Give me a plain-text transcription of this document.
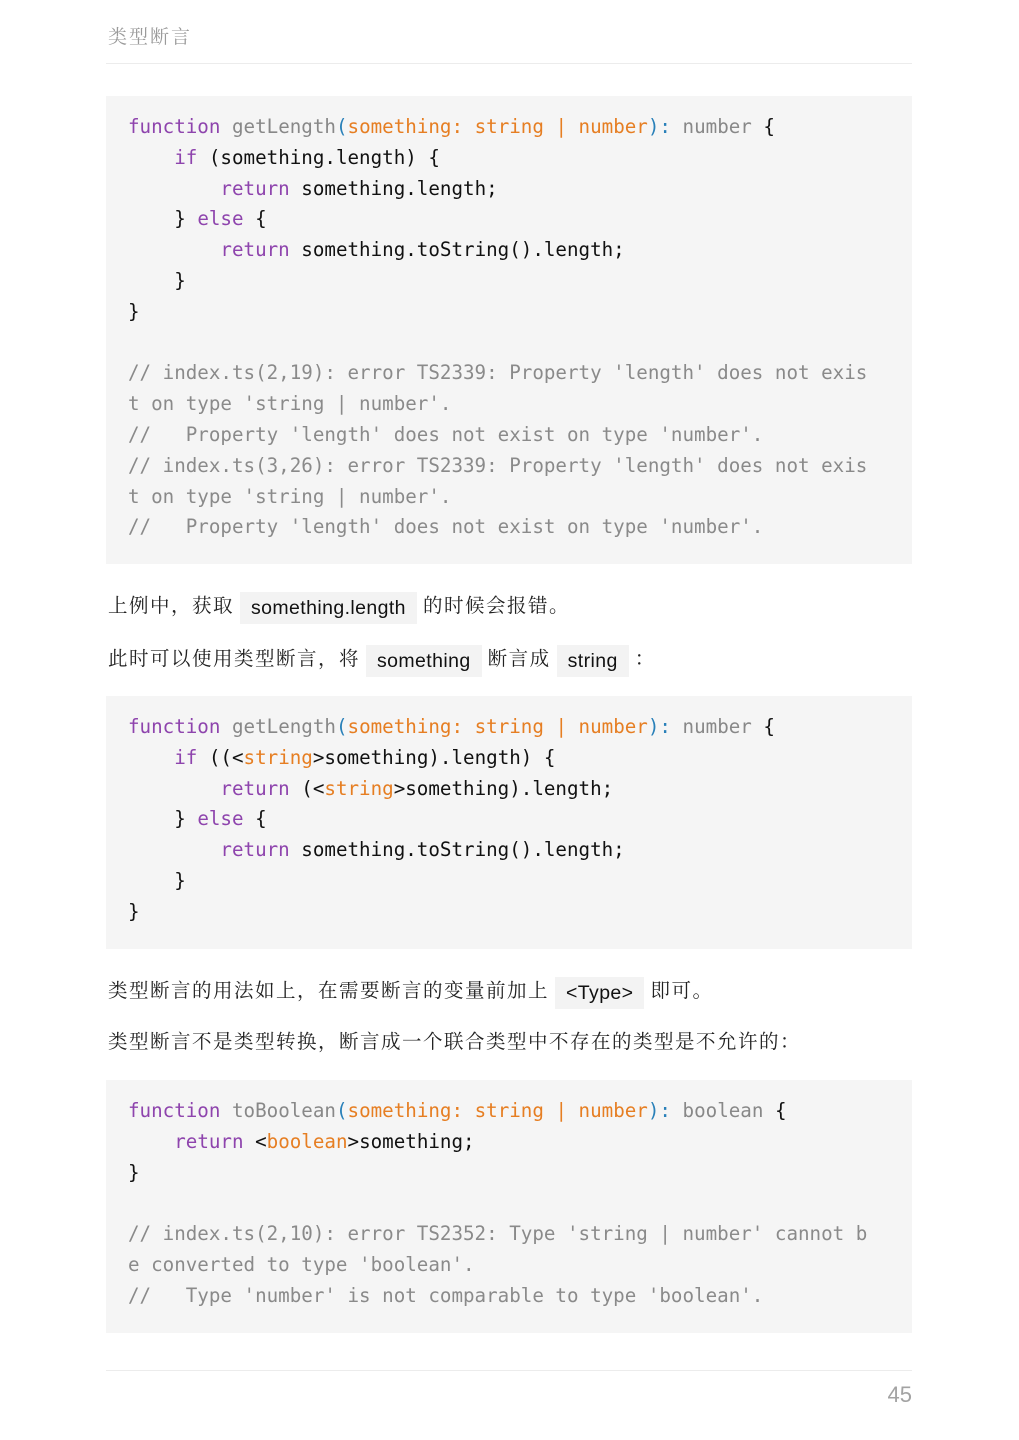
类型断言
function getLength(something: string | number): number {
if (something.length) {
return something.length;
} else {
return something.toString().length;
}
}
// index.ts(2,19): error TS2339: Property 'length' does not exis
t on type 'string | number'.
//   Property 'length' does not exist on type 'number'.
// index.ts(3,26): error TS2339: Property 'length' does not exis
t on type 'string | number'.
//   Property 'length' does not exist on type 'number'.
上例中，获取 something.length 的时候会报错。
此时可以使用类型断言，将 something 断言成 string ：
function getLength(something: string | number): number {
if ((<string>something).length) {
return (<string>something).length;
} else {
return something.toString().length;
}
}
类型断言的用法如上，在需要断言的变量前加上 <Type> 即可。
类型断言不是类型转换，断言成一个联合类型中不存在的类型是不允许的：
function toBoolean(something: string | number): boolean {
return <boolean>something;
}
// index.ts(2,10): error TS2352: Type 'string | number' cannot b
e converted to type 'boolean'.
//   Type 'number' is not comparable to type 'boolean'.
45
